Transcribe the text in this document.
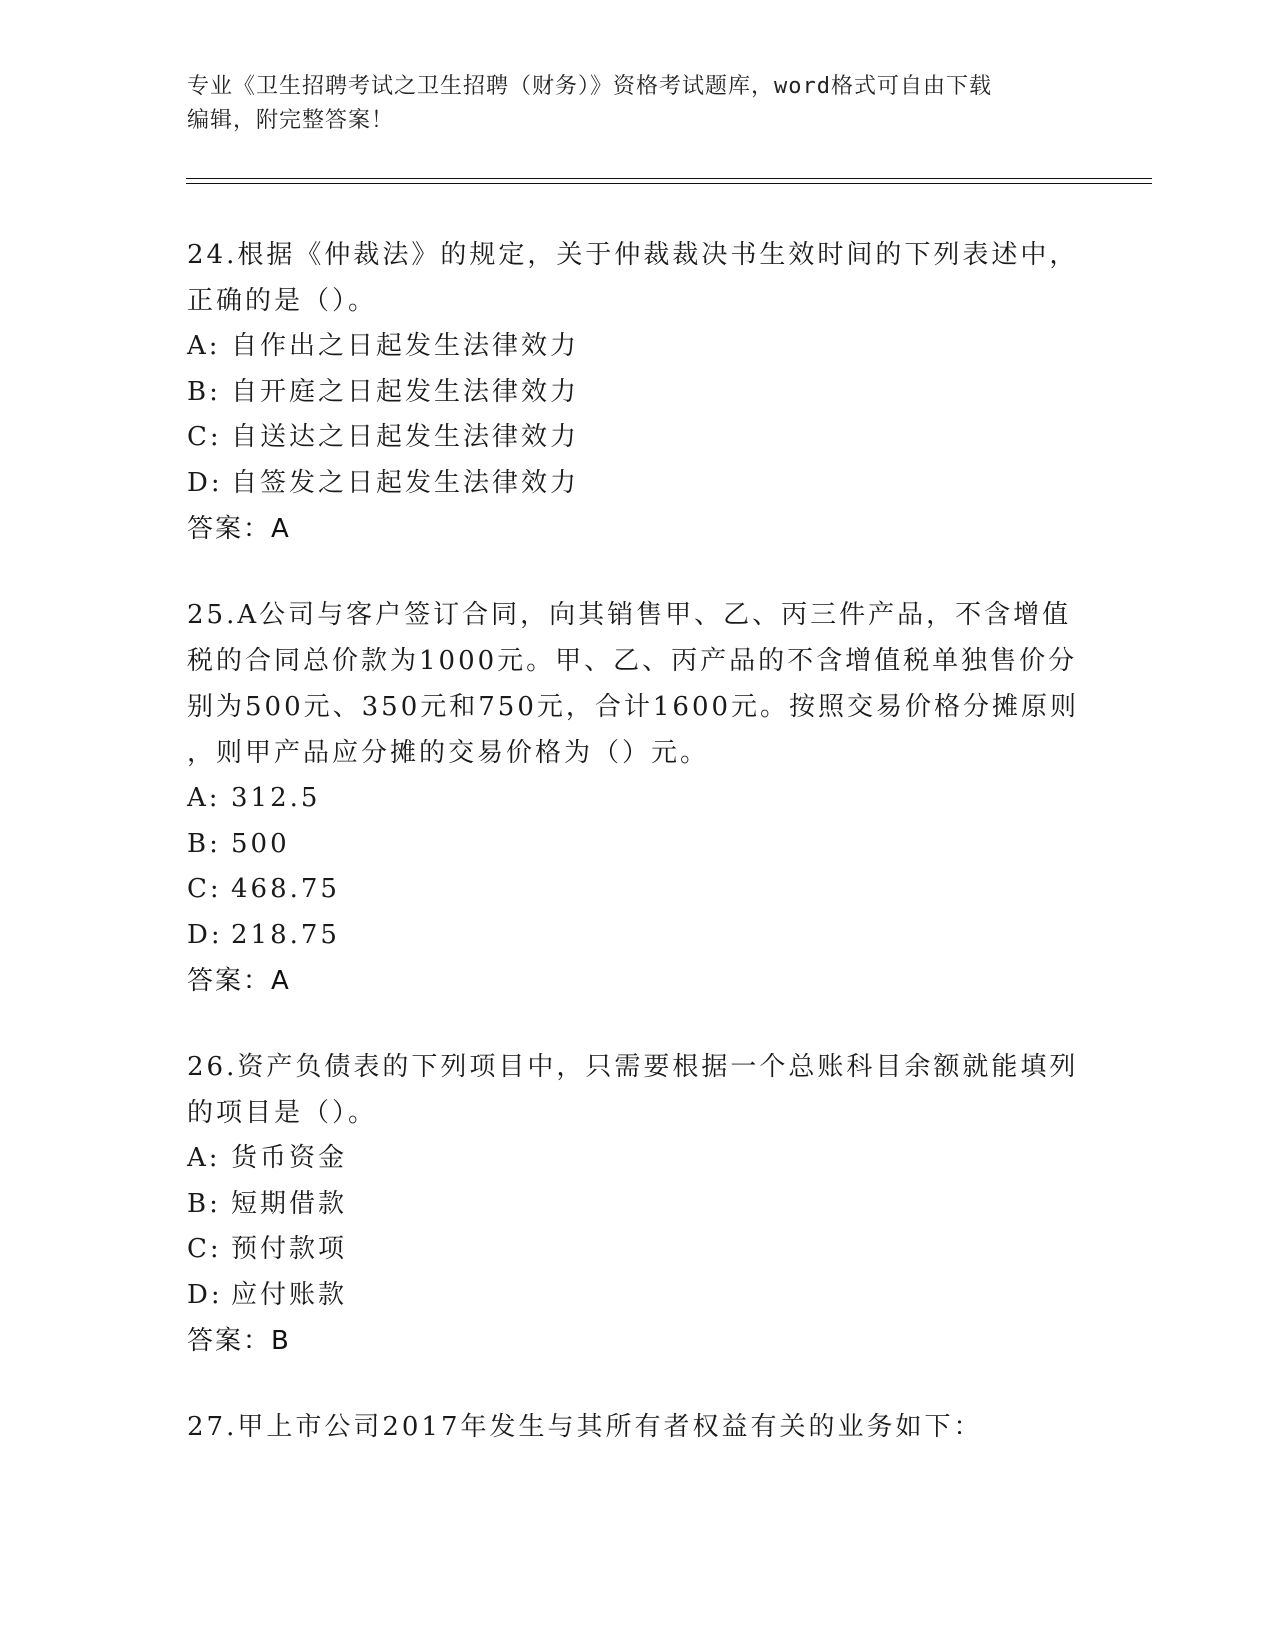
专业《卫生招聘考试之卫生招聘（财务）》资格考试题库，word格式可自由下载
编辑，附完整答案！
24.根据《仲裁法》的规定，关于仲裁裁决书生效时间的下列表述中，
正确的是（）。
A: 自作出之日起发生法律效力
B: 自开庭之日起发生法律效力
C: 自送达之日起发生法律效力
D: 自签发之日起发生法律效力
答案：A
25.A公司与客户签订合同，向其销售甲、乙、丙三件产品，不含增值
税的合同总价款为1000元。甲、乙、丙产品的不含增值税单独售价分
别为500元、350元和750元，合计1600元。按照交易价格分摊原则
，则甲产品应分摊的交易价格为（）元。
A: 312.5
B: 500
C: 468.75
D: 218.75
答案：A
26.资产负债表的下列项目中，只需要根据一个总账科目余额就能填列
的项目是（）。
A: 货币资金
B: 短期借款
C: 预付款项
D: 应付账款
答案：B
27.甲上市公司2017年发生与其所有者权益有关的业务如下：
